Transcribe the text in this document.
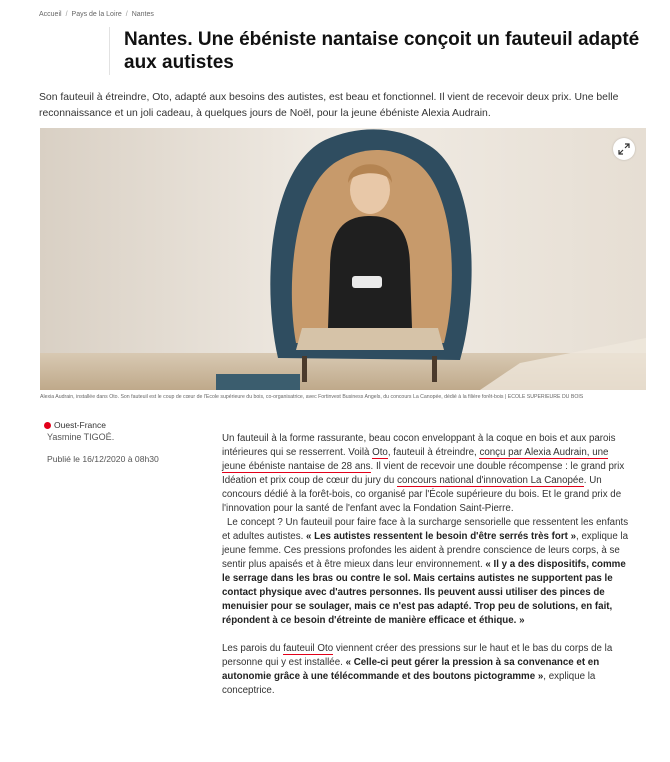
Accueil / Pays de la Loire / Nantes
Nantes. Une ébéniste nantaise conçoit un fauteuil adapté aux autistes

Son fauteuil à étreindre, Oto, adapté aux besoins des autistes, est beau et fonctionnel. Il vient de recevoir deux prix. Une belle reconnaissance et un joli cadeau, à quelques jours de Noël, pour la jeune ébéniste Alexia Audrain.

Alexia Audrain, installée dans Oto. Son fauteuil est le coup de cœur de l'École supérieure du bois, co-organisatrice, avec Fortinvest Business Angels, du concours La Canopée, dédié à la filière forêt-bois | ÉCOLE SUPÉRIEURE DU BOIS
Ouest-France
Yasmine TIGOÉ.
Publié le 16/12/2020 à 08h30

Un fauteuil à la forme rassurante, beau cocon enveloppant à la coque en bois et aux parois intérieures qui se resserrent. Voilà Oto, fauteuil à étreindre, conçu par Alexia Audrain, une jeune ébéniste nantaise de 28 ans. Il vient de recevoir une double récompense : le grand prix Idéation et prix coup de cœur du jury du concours national d'innovation La Canopée. Un concours dédié à la forêt-bois, co organisé par l'École supérieure du bois. Et le grand prix de l'innovation pour la santé de l'enfant avec la Fondation Saint-Pierre.

Le concept ? Un fauteuil pour faire face à la surcharge sensorielle que ressentent les enfants et adultes autistes. « Les autistes ressentent le besoin d'être serrés très fort », explique la jeune femme. Ces pressions profondes les aident à prendre conscience de leurs corps, à se sentir plus apaisés et à être mieux dans leur environnement. « Il y a des dispositifs, comme le serrage dans les bras ou contre le sol. Mais certains autistes ne supportent pas le contact physique avec d'autres personnes. Ils peuvent aussi utiliser des pinces de menuisier pour se soulager, mais ce n'est pas adapté. Trop peu de solutions, en fait, répondent à ce besoin d'étreinte de manière efficace et éthique. »

Les parois du fauteuil Oto viennent créer des pressions sur le haut et le bas du corps de la personne qui y est installée. « Celle-ci peut gérer la pression à sa convenance et en autonomie grâce à une télécommande et des boutons pictogramme », explique la conceptrice.
